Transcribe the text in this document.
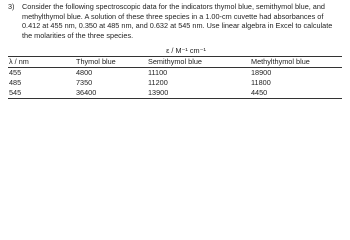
3) Consider the following spectroscopic data for the indicators thymol blue, semithymol blue, and methylthymol blue. A solution of these three species in a 1.00-cm cuvette had absorbances of 0.412 at 455 nm, 0.350 at 485 nm, and 0.632 at 545 nm. Use linear algebra in Excel to calculate the molarities of the three species.

	ε / M⁻¹ cm⁻¹		
λ / nm	Thymol blue	Semithymol blue	Methylthymol blue
455	4800	11100	18900
485	7350	11200	11800
545	36400	13900	4450
